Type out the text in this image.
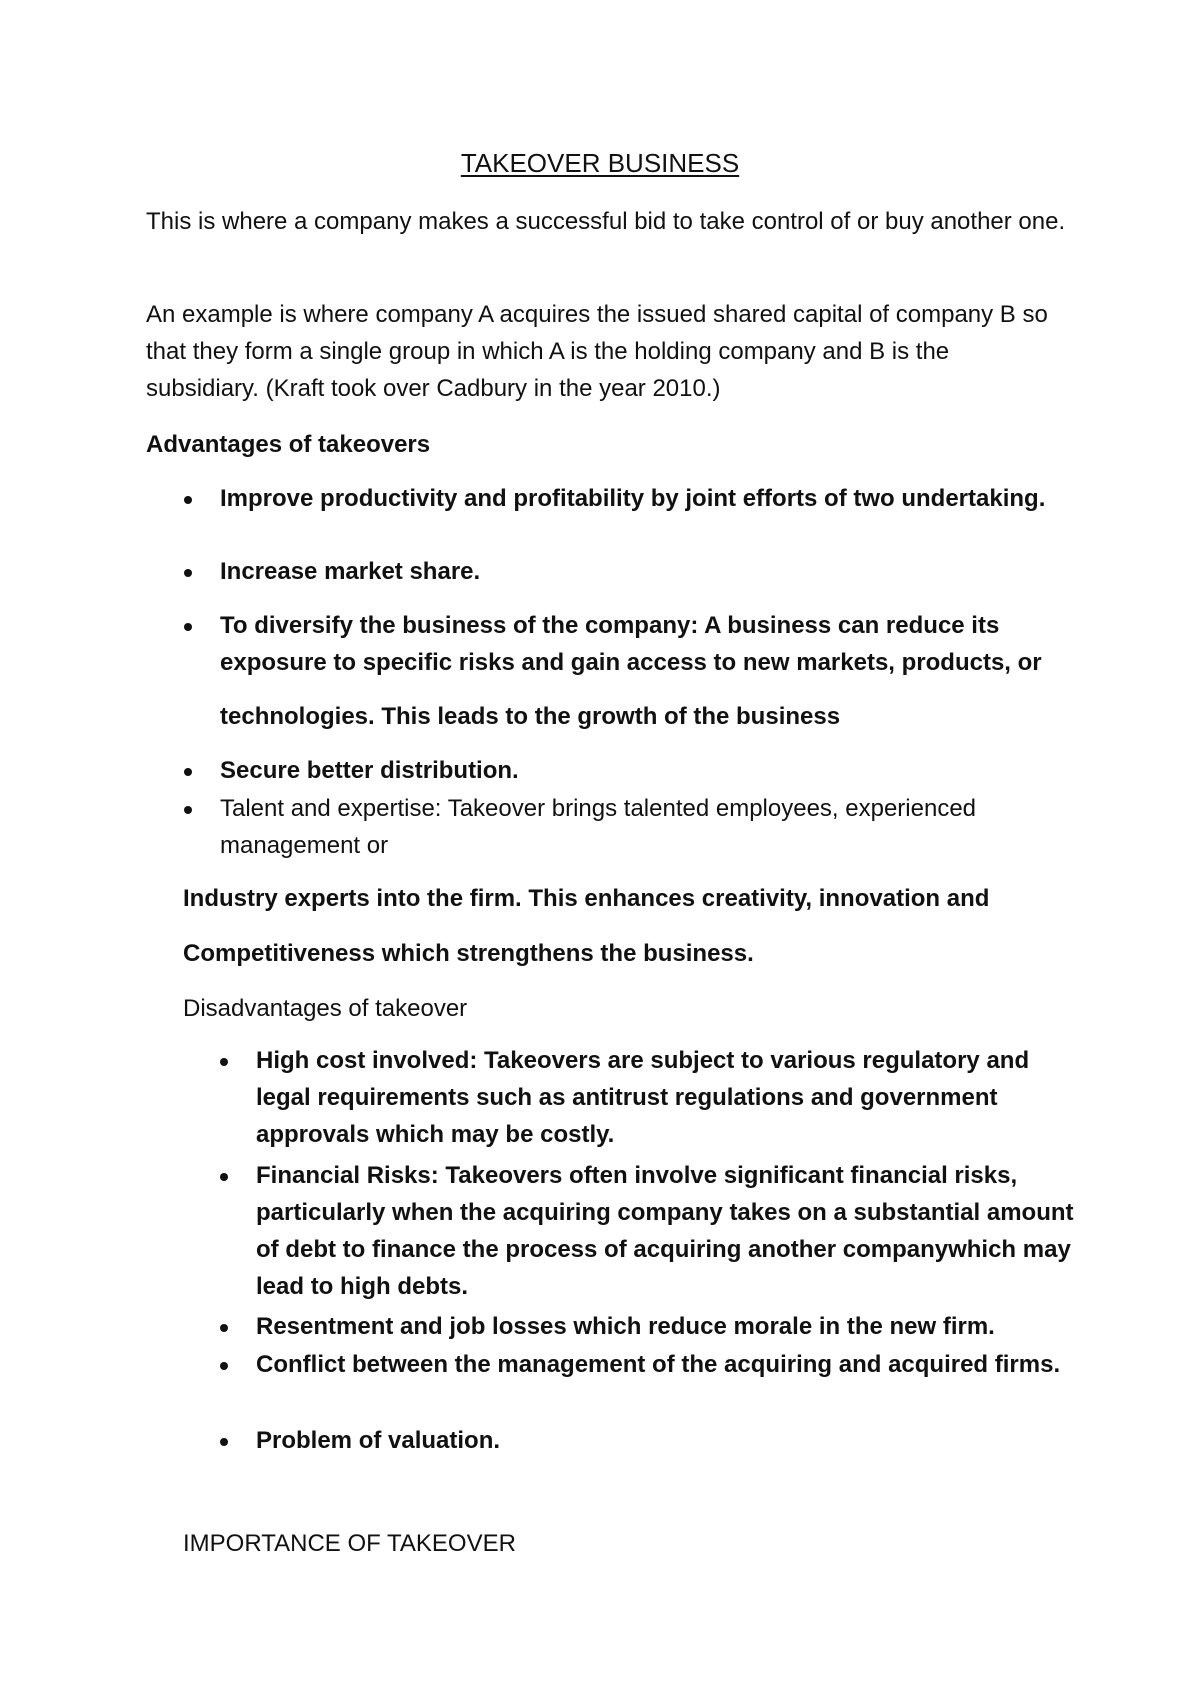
TAKEOVER BUSINESS

This is where a company makes a successful bid to take control of or buy another one.

An example is where company A acquires the issued shared capital of company B so that they form a single group in which A is the holding company and B is the subsidiary. (Kraft took over Cadbury in the year 2010.)

Advantages of takeovers
Improve productivity and profitability by joint efforts of two undertaking.
Increase market share.
To diversify the business of the company: A business can reduce its exposure to specific risks and gain access to new markets, products, or

technologies. This leads to the growth of the business

Secure better distribution.
Talent and expertise: Takeover brings talented employees, experienced management or

Industry experts into the firm. This enhances creativity, innovation and

Competitiveness which strengthens the business.

Disadvantages of takeover
High cost involved: Takeovers are subject to various regulatory and legal requirements such as antitrust regulations and government approvals which may be costly.
Financial Risks: Takeovers often involve significant financial risks, particularly when the acquiring company takes on a substantial amount of debt to finance the process of acquiring another companywhich may lead to high debts.
Resentment and job losses which reduce morale in the new firm.
Conflict between the management of the acquiring and acquired firms.
Problem of valuation.
IMPORTANCE OF TAKEOVER
